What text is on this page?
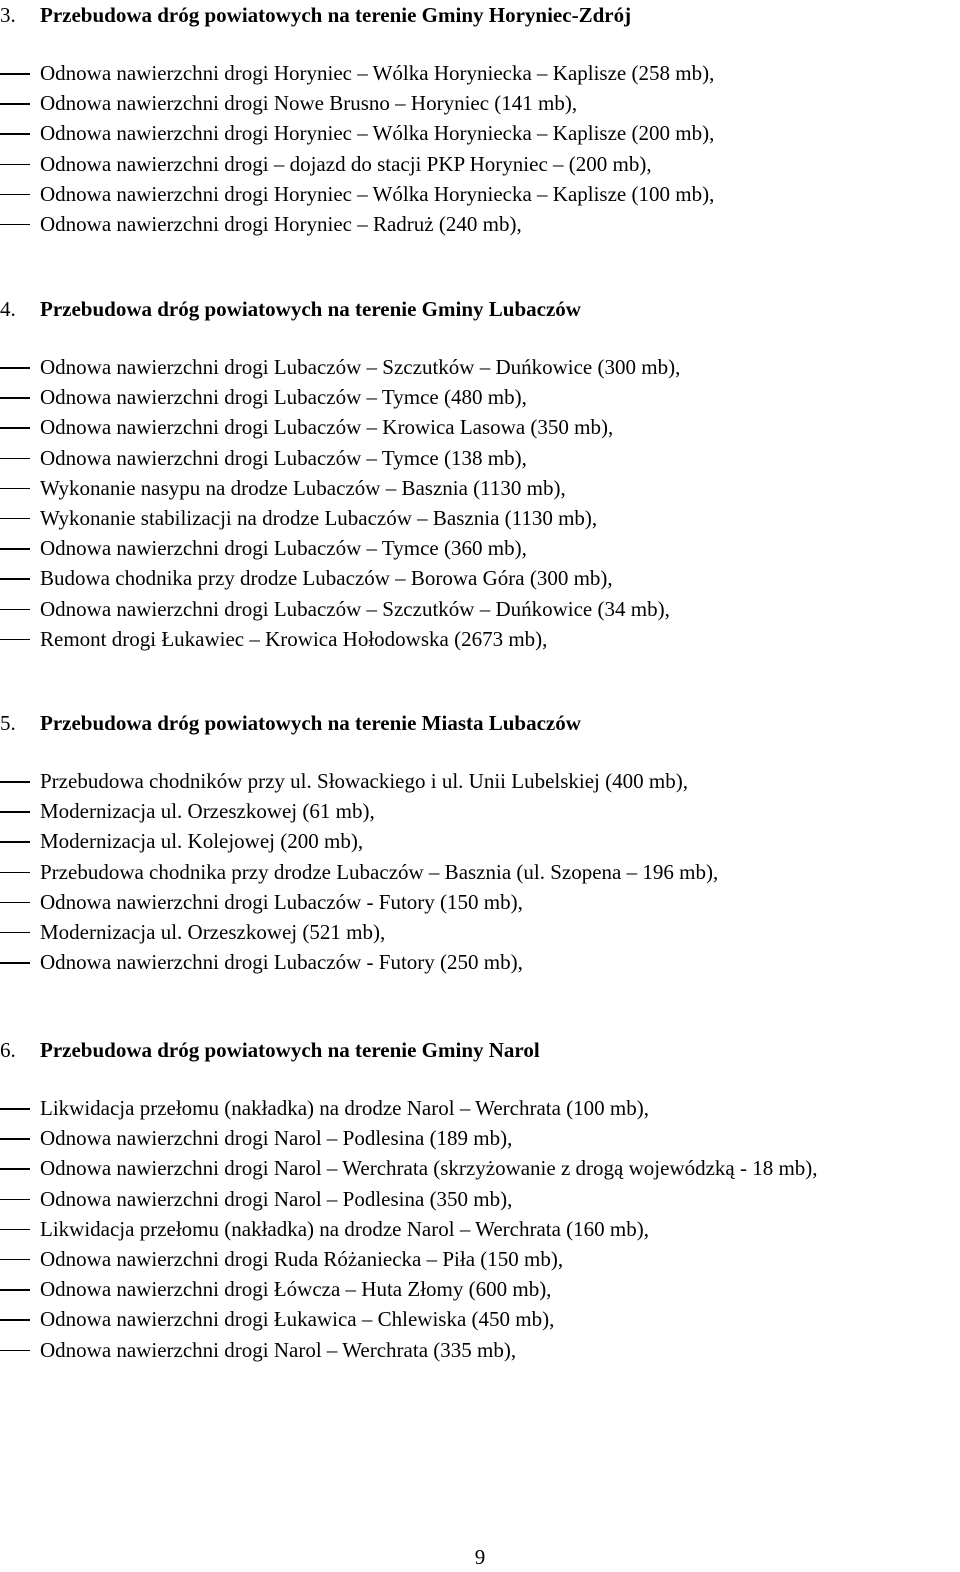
3. Przebudowa dróg powiatowych na terenie Gminy Horyniec-Zdrój
Odnowa nawierzchni drogi Horyniec – Wólka Horyniecka – Kaplisze (258 mb),
Odnowa nawierzchni drogi Nowe Brusno – Horyniec (141 mb),
Odnowa nawierzchni drogi Horyniec – Wólka Horyniecka – Kaplisze (200 mb),
Odnowa nawierzchni drogi – dojazd do stacji PKP Horyniec – (200 mb),
Odnowa nawierzchni drogi Horyniec – Wólka Horyniecka – Kaplisze (100 mb),
Odnowa nawierzchni drogi Horyniec – Radruż (240 mb),
4. Przebudowa dróg powiatowych na terenie Gminy Lubaczów
Odnowa nawierzchni drogi Lubaczów – Szczutków – Duńkowice (300 mb),
Odnowa nawierzchni drogi Lubaczów – Tymce (480 mb),
Odnowa nawierzchni drogi Lubaczów – Krowica Lasowa (350 mb),
Odnowa nawierzchni drogi Lubaczów – Tymce (138 mb),
Wykonanie nasypu na drodze Lubaczów – Basznia (1130 mb),
Wykonanie stabilizacji na drodze Lubaczów – Basznia (1130 mb),
Odnowa nawierzchni drogi Lubaczów – Tymce (360 mb),
Budowa chodnika przy drodze Lubaczów – Borowa Góra (300 mb),
Odnowa nawierzchni drogi Lubaczów – Szczutków – Duńkowice (34 mb),
Remont drogi Łukawiec – Krowica Hołodowska (2673 mb),
5. Przebudowa dróg powiatowych na terenie Miasta Lubaczów
Przebudowa chodników przy ul. Słowackiego i ul. Unii Lubelskiej (400 mb),
Modernizacja ul. Orzeszkowej (61 mb),
Modernizacja ul. Kolejowej (200 mb),
Przebudowa chodnika przy drodze Lubaczów – Basznia (ul. Szopena – 196 mb),
Odnowa nawierzchni drogi Lubaczów - Futory (150 mb),
Modernizacja ul. Orzeszkowej (521 mb),
Odnowa nawierzchni drogi Lubaczów - Futory (250 mb),
6. Przebudowa dróg powiatowych na terenie Gminy Narol
Likwidacja przełomu (nakładka) na drodze Narol – Werchrata (100 mb),
Odnowa nawierzchni drogi Narol – Podlesina (189 mb),
Odnowa nawierzchni drogi Narol – Werchrata (skrzyżowanie z drogą wojewódzką - 18 mb),
Odnowa nawierzchni drogi Narol – Podlesina (350 mb),
Likwidacja przełomu (nakładka) na drodze Narol – Werchrata (160 mb),
Odnowa nawierzchni drogi Ruda Różaniecka – Piła (150 mb),
Odnowa nawierzchni drogi Łówcza – Huta Złomy (600 mb),
Odnowa nawierzchni drogi Łukawica – Chlewiska (450 mb),
Odnowa nawierzchni drogi Narol – Werchrata (335 mb),
9
